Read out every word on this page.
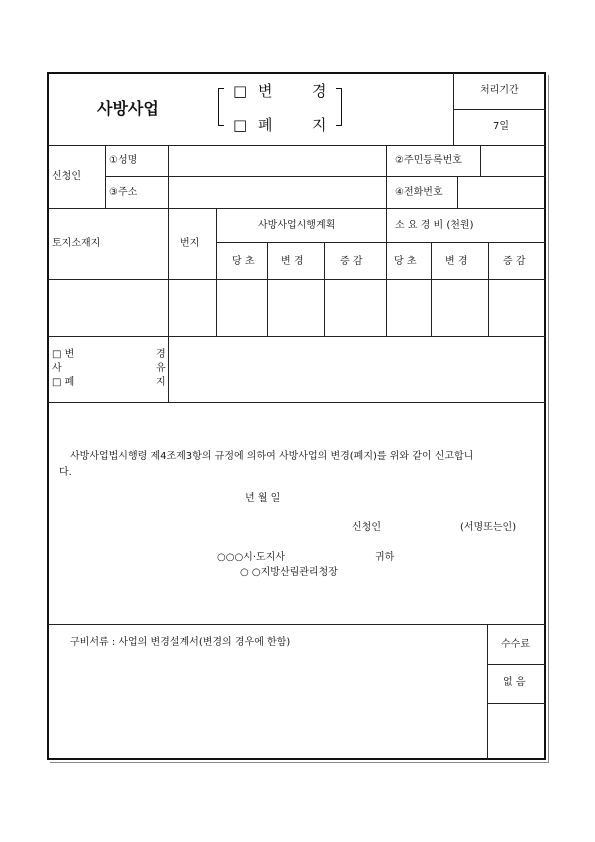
사방사업
□ 변	경
□ 폐	지
처리기간
7일
신청인
①성명	②주민등록번호
③주소	④전화번호
토지소재지	번지
사방사업시행계획	소 요 경 비 (천원)
당 초	변 경	증 감	당 초	변 경	증 감
□ 변	경
사	유
□ 폐	지
사방사업법시행령 제4조제3항의 규정에 의하여 사방사업의 변경(폐지)를 위와 같이 신고합니
다.
년 월 일
신청인	(서명또는인)
○○○시·도지사	귀하
○ ○지방산림관리청장
구비서류 : 사업의 변경설계서(변경의 경우에 한함)	수수료
없 음
